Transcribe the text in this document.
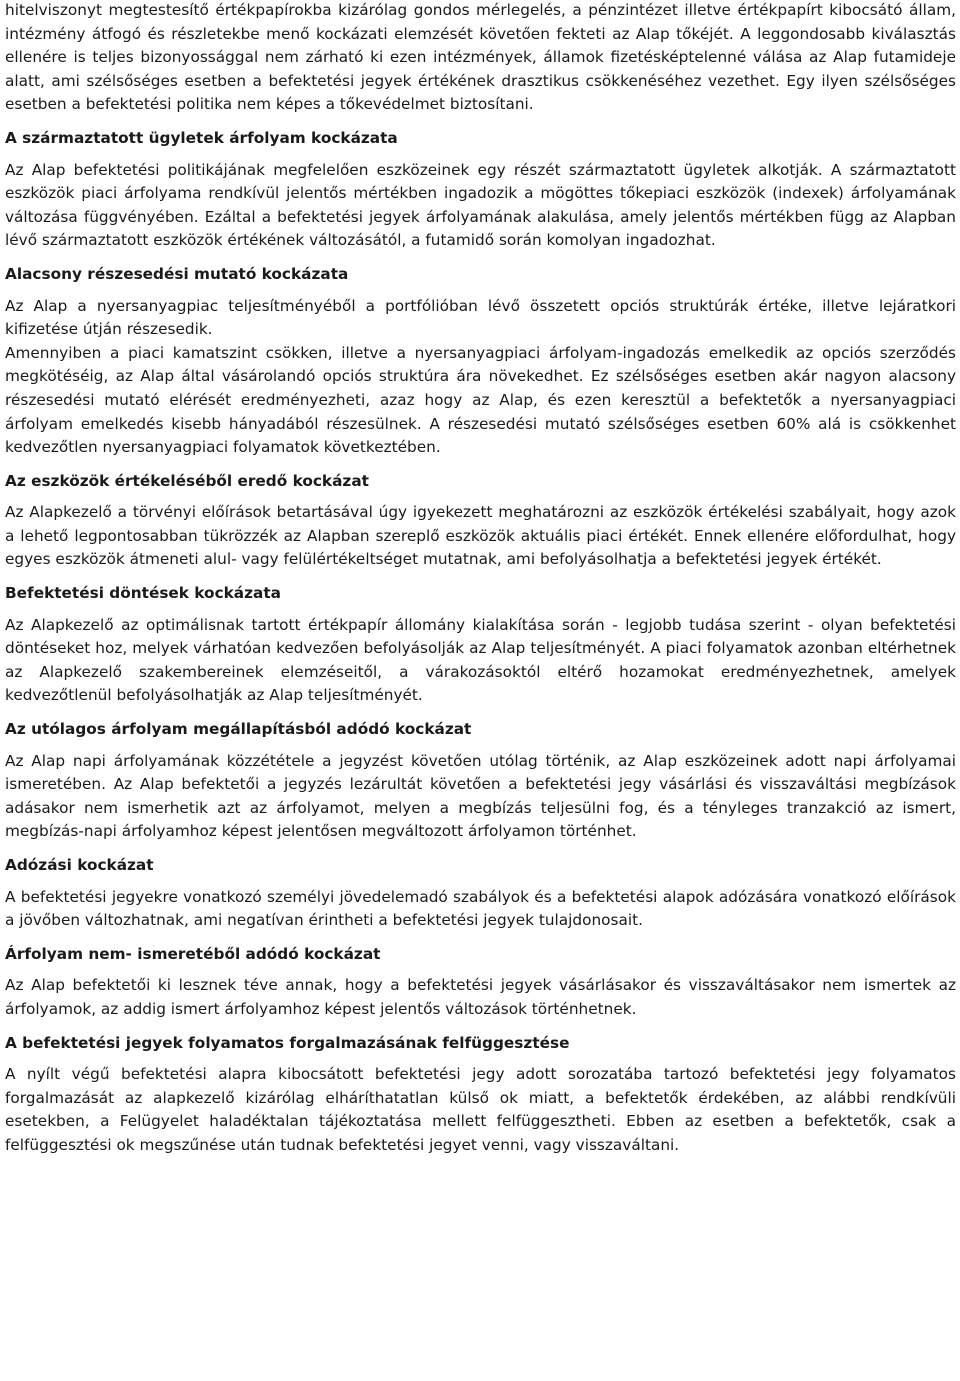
hitelviszonyt megtestesítő értékpapírokba kizárólag gondos mérlegelés, a pénzintézet illetve értékpapírt kibocsátó állam, intézmény átfogó és részletekbe menő kockázati elemzését követően fekteti az Alap tőkéjét. A leggondosabb kiválasztás ellenére is teljes bizonyossággal nem zárható ki ezen intézmények, államok fizetésképtelenné válása az Alap futamideje alatt, ami szélsőséges esetben a befektetési jegyek értékének drasztikus csökkenéséhez vezethet. Egy ilyen szélsőséges esetben a befektetési politika nem képes a tőkevédelmet biztosítani.

A származtatott ügyletek árfolyam kockázata

Az Alap befektetési politikájának megfelelően eszközeinek egy részét származtatott ügyletek alkotják. A származtatott eszközök piaci árfolyama rendkívül jelentős mértékben ingadozik a mögöttes tőkepiaci eszközök (indexek) árfolyamának változása függvényében. Ezáltal a befektetési jegyek árfolyamának alakulása, amely jelentős mértékben függ az Alapban lévő származtatott eszközök értékének változásától, a futamidő során komolyan ingadozhat.

Alacsony részesedési mutató kockázata

Az Alap a nyersanyagpiac teljesítményéből a portfólióban lévő összetett opciós struktúrák értéke, illetve lejáratkori kifizetése útján részesedik.

Amennyiben a piaci kamatszint csökken, illetve a nyersanyagpiaci árfolyam-ingadozás emelkedik az opciós szerződés megkötéséig, az Alap által vásárolandó opciós struktúra ára növekedhet. Ez szélsőséges esetben akár nagyon alacsony részesedési mutató elérését eredményezheti, azaz hogy az Alap, és ezen keresztül a befektetők a nyersanyagpiaci árfolyam emelkedés kisebb hányadából részesülnek. A részesedési mutató szélsőséges esetben 60% alá is csökkenhet kedvezőtlen nyersanyagpiaci folyamatok következtében.

Az eszközök értékeléséből eredő kockázat

Az Alapkezelő a törvényi előírások betartásával úgy igyekezett meghatározni az eszközök értékelési szabályait, hogy azok a lehető legpontosabban tükrözzék az Alapban szereplő eszközök aktuális piaci értékét. Ennek ellenére előfordulhat, hogy egyes eszközök átmeneti alul- vagy felülértékeltséget mutatnak, ami befolyásolhatja a befektetési jegyek értékét.

Befektetési döntések kockázata

Az Alapkezelő az optimálisnak tartott értékpapír állomány kialakítása során - legjobb tudása szerint - olyan befektetési döntéseket hoz, melyek várhatóan kedvezően befolyásolják az Alap teljesítményét. A piaci folyamatok azonban eltérhetnek az Alapkezelő szakembereinek elemzéseitől, a várakozásoktól eltérő hozamokat eredményezhetnek, amelyek kedvezőtlenül befolyásolhatják az Alap teljesítményét.

Az utólagos árfolyam megállapításból adódó kockázat

Az Alap napi árfolyamának közzététele a jegyzést követően utólag történik, az Alap eszközeinek adott napi árfolyamai ismeretében. Az Alap befektetői a jegyzés lezárultát követően a befektetési jegy vásárlási és visszaváltási megbízások adásakor nem ismerhetik azt az árfolyamot, melyen a megbízás teljesülni fog, és a tényleges tranzakció az ismert, megbízás-napi árfolyamhoz képest jelentősen megváltozott árfolyamon történhet.

Adózási kockázat

A befektetési jegyekre vonatkozó személyi jövedelemadó szabályok és a befektetési alapok adózására vonatkozó előírások a jövőben változhatnak, ami negatívan érintheti a befektetési jegyek tulajdonosait.

Árfolyam nem- ismeretéből adódó kockázat

Az Alap befektetői ki lesznek téve annak, hogy a befektetési jegyek vásárlásakor és visszaváltásakor nem ismertek az árfolyamok, az addig ismert árfolyamhoz képest jelentős változások történhetnek.

A befektetési jegyek folyamatos forgalmazásának felfüggesztése

A nyílt végű befektetési alapra kibocsátott befektetési jegy adott sorozatába tartozó befektetési jegy folyamatos forgalmazását az alapkezelő kizárólag elháríthatatlan külső ok miatt, a befektetők érdekében, az alábbi rendkívüli esetekben, a Felügyelet haladéktalan tájékoztatása mellett felfüggesztheti. Ebben az esetben a befektetők, csak a felfüggesztési ok megszűnése után tudnak befektetési jegyet venni, vagy visszaváltani.
